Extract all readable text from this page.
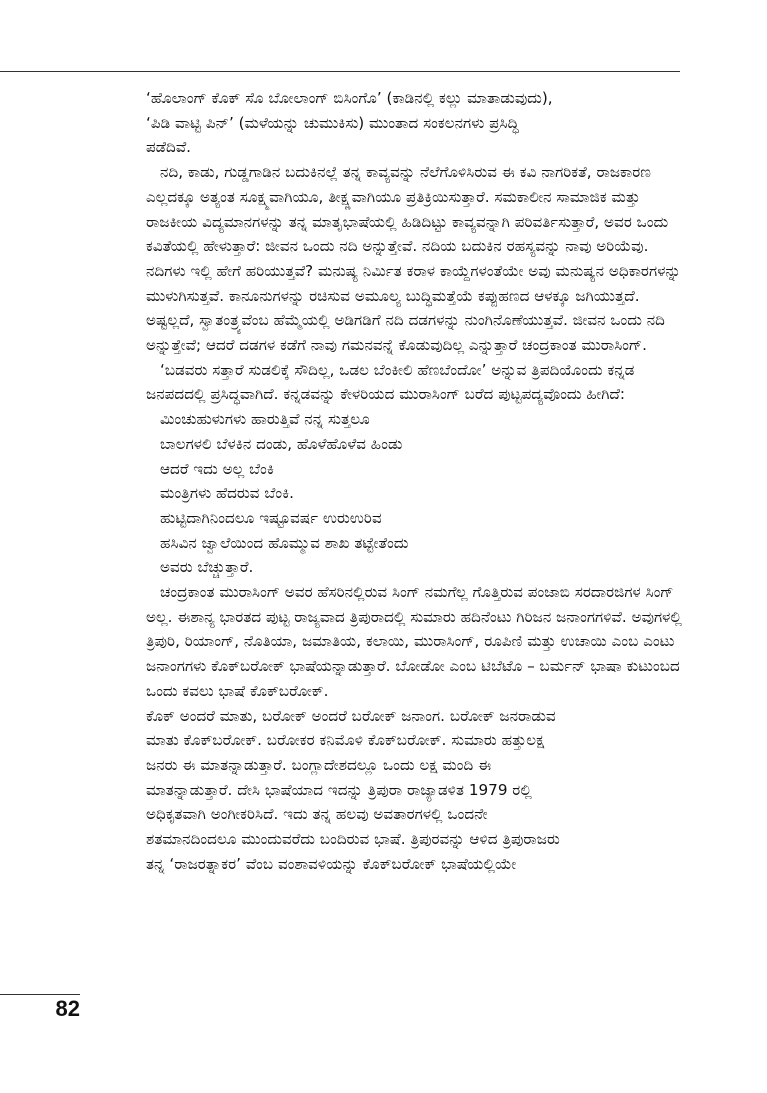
‘ಹೊಲಾಂಗ್ ಕೊಕ್ ಸೊ ಬೋಲಾಂಗ್ ಬಿಸಿಂಗೊ’ (ಕಾಡಿನಲ್ಲಿ ಕಲ್ಲು ಮಾತಾಡುವುದು),
‘ಪಿಡಿ ವಾಟ್ಟಿ ಪಿನ್’ (ಮಳೆಯನ್ನು ಚುಮುಕಿಸು) ಮುಂತಾದ ಸಂಕಲನಗಳು ಪ್ರಸಿದ್ಧಿ
ಪಡೆದಿವೆ.

ನದಿ, ಕಾಡು, ಗುಡ್ಡಗಾಡಿನ ಬದುಕಿನಲ್ಲೆ ತನ್ನ ಕಾವ್ಯವನ್ನು ನೆಲೆಗೊಳಿಸಿರುವ ಈ ಕವಿ ನಾಗರಿಕತೆ, ರಾಜಕಾರಣ ಎಲ್ಲದಕ್ಕೂ ಅತ್ಯಂತ ಸೂಕ್ಷ್ಮವಾಗಿಯೂ, ತೀಕ್ಷ್ಣವಾಗಿಯೂ ಪ್ರತಿಕ್ರಿಯಿಸುತ್ತಾರೆ. ಸಮಕಾಲೀನ ಸಾಮಾಜಿಕ ಮತ್ತು ರಾಜಕೀಯ ವಿದ್ಯಮಾನಗಳನ್ನು ತನ್ನ ಮಾತೃಭಾಷೆಯಲ್ಲಿ ಹಿಡಿದಿಟ್ಟು ಕಾವ್ಯವನ್ನಾಗಿ ಪರಿವರ್ತಿಸುತ್ತಾರೆ, ಅವರ ಒಂದು ಕವಿತೆಯಲ್ಲಿ ಹೇಳುತ್ತಾರೆ: ಜೀವನ ಒಂದು ನದಿ ಅನ್ನುತ್ತೇವೆ. ನದಿಯ ಬದುಕಿನ ರಹಸ್ಯವನ್ನು ನಾವು ಅರಿಯೆವು. ನದಿಗಳು ಇಲ್ಲಿ ಹೇಗೆ ಹರಿಯುತ್ತವೆ? ಮನುಷ್ಯ ನಿರ್ಮಿತ ಕರಾಳ ಕಾಯ್ದೆಗಳಂತೆಯೇ ಅವು ಮನುಷ್ಯನ ಅಧಿಕಾರಗಳನ್ನು ಮುಳುಗಿಸುತ್ತವೆ. ಕಾನೂನುಗಳನ್ನು ರಚಿಸುವ ಅಮೂಲ್ಯ ಬುದ್ಧಿಮತ್ತೆಯೆ ಕಪ್ಪುಹಣದ ಆಳಕ್ಕೂ ಜಗಿಯುತ್ತದೆ. ಅಷ್ಟಲ್ಲದೆ, ಸ್ವಾತಂತ್ರ್ಯವೆಂಬ ಹೆಮ್ಮೆಯಲ್ಲಿ ಅಡಿಗಡಿಗೆ ನದಿ ದಡಗಳನ್ನು ನುಂಗಿನೊಣೆಯುತ್ತವೆ. ಜೀವನ ಒಂದು ನದಿ ಅನ್ನುತ್ತೇವೆ; ಆದರೆ ದಡಗಳ ಕಡೆಗೆ ನಾವು ಗಮನವನ್ನೆ ಕೊಡುವುದಿಲ್ಲ ಎನ್ನುತ್ತಾರೆ ಚಂದ್ರಕಾಂತ ಮುರಾಸಿಂಗ್.

‘ಬಡವರು ಸತ್ತಾರೆ ಸುಡಲಿಕ್ಕೆ ಸೌದಿಲ್ಲ, ಒಡಲ ಬೆಂಕೀಲಿ ಹೆಣಬೆಂದೋ’ ಅನ್ನುವ ತ್ರಿಪದಿಯೊಂದು ಕನ್ನಡ ಜನಪದದಲ್ಲಿ ಪ್ರಸಿದ್ಧವಾಗಿದೆ. ಕನ್ನಡವನ್ನು ಕೇಳರಿಯದ ಮುರಾಸಿಂಗ್ ಬರೆದ ಪುಟ್ಟಪದ್ಯವೊಂದು ಹೀಗಿದೆ:

ಮಿಂಚುಹುಳುಗಳು ಹಾರುತ್ತಿವೆ ನನ್ನ ಸುತ್ತಲೂ
ಬಾಲಗಳಲಿ ಬೆಳಕಿನ ದಂಡು, ಹೊಳೆಹೊಳೆವ ಹಿಂಡು
ಆದರೆ ಇದು ಅಲ್ಲ ಬೆಂಕಿ
ಮಂತ್ರಿಗಳು ಹೆದರುವ ಬೆಂಕಿ.
ಹುಟ್ಟಿದಾಗಿನಿಂದಲೂ ಇಷ್ಟೂವರ್ಷ ಉರುಉರಿವ
ಹಸಿವಿನ ಜ್ವಾಲೆಯಿಂದ ಹೊಮ್ಮುವ ಶಾಖ ತಟ್ಟೇತೆಂದು
ಅವರು ಬೆಚ್ಚುತ್ತಾರೆ.

ಚಂದ್ರಕಾಂತ ಮುರಾಸಿಂಗ್ ಅವರ ಹೆಸರಿನಲ್ಲಿರುವ ಸಿಂಗ್ ನಮಗೆಲ್ಲ ಗೊತ್ತಿರುವ ಪಂಜಾಬಿ ಸರದಾರಜಿಗಳ ಸಿಂಗ್ ಅಲ್ಲ. ಈಶಾನ್ಯ ಭಾರತದ ಪುಟ್ಟ ರಾಜ್ಯವಾದ ತ್ರಿಪುರಾದಲ್ಲಿ ಸುಮಾರು ಹದಿನೆಂಟು ಗಿರಿಜನ ಜನಾಂಗಗಳಿವೆ. ಅವುಗಳಲ್ಲಿ ತ್ರಿಪುರಿ, ರಿಯಾಂಗ್, ನೊತಿಯಾ, ಜಮಾತಿಯ, ಕಲಾಯಿ, ಮುರಾಸಿಂಗ್, ರೂಪಿಣಿ ಮತ್ತು ಉಚಾಯಿ ಎಂಬ ಎಂಟು ಜನಾಂಗಗಳು ಕೊಕ್‌ಬರೋಕ್ ಭಾಷೆಯನ್ನಾಡುತ್ತಾರೆ. ಬೋಡೋ ಎಂಬ ಟಿಬೆಟೊ – ಬರ್ಮನ್ ಭಾಷಾ ಕುಟುಂಬದ ಒಂದು ಕವಲು ಭಾಷೆ ಕೊಕ್‌ಬರೋಕ್.

ಕೊಕ್ ಅಂದರೆ ಮಾತು, ಬರೋಕ್ ಅಂದರೆ ಬರೋಕ್ ಜನಾಂಗ. ಬರೋಕ್ ಜನರಾಡುವ
ಮಾತು ಕೊಕ್‌ಬರೋಕ್. ಬರೋಕರ ಕನಿಮೊಳಿ ಕೊಕ್‌ಬರೋಕ್. ಸುಮಾರು ಹತ್ತುಲಕ್ಷ
ಜನರು ಈ ಮಾತನ್ನಾಡುತ್ತಾರೆ. ಬಂಗ್ಲಾದೇಶದಲ್ಲೂ ಒಂದು ಲಕ್ಷ ಮಂದಿ ಈ
ಮಾತನ್ನಾಡುತ್ತಾರೆ. ದೇಸಿ ಭಾಷೆಯಾದ ಇದನ್ನು ತ್ರಿಪುರಾ ರಾಜ್ಯಾಡಳಿತ 1979 ರಲ್ಲಿ
ಅಧಿಕೃತವಾಗಿ ಅಂಗೀಕರಿಸಿದೆ. ಇದು ತನ್ನ ಹಲವು ಅವತಾರಗಳಲ್ಲಿ ಒಂದನೇ
ಶತಮಾನದಿಂದಲೂ ಮುಂದುವರೆದು ಬಂದಿರುವ ಭಾಷೆ. ತ್ರಿಪುರವನ್ನು ಆಳಿದ ತ್ರಿಪುರಾಜರು
ತನ್ನ ‘ರಾಜರತ್ನಾಕರ’ ವೆಂಬ ವಂಶಾವಳಿಯನ್ನು ಕೊಕ್‌ಬರೋಕ್ ಭಾಷೆಯಲ್ಲಿಯೇ
82
